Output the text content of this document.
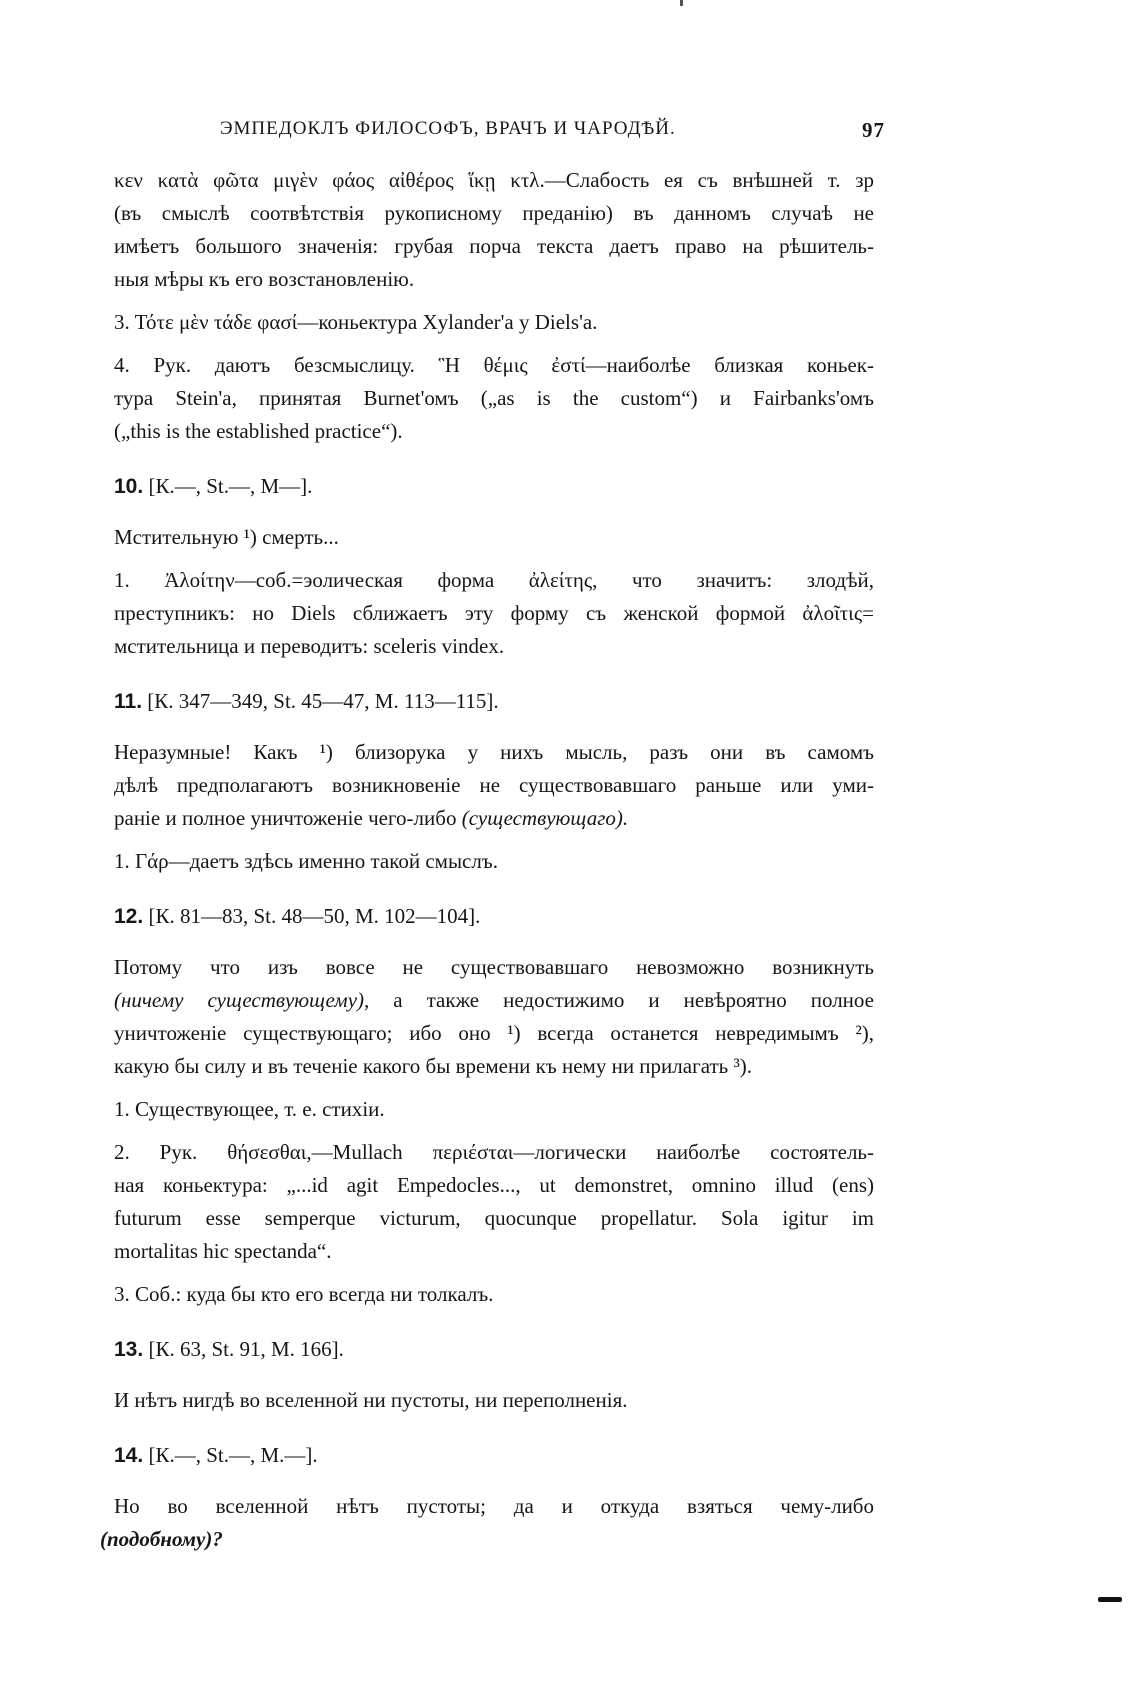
ЭМПЕДОКЛЪ ФИЛОСОФЪ, ВРАЧЪ И ЧАРОДѢЙ.	97
κεν κατὰ φῶτα μιγὲν φάος αἰθέρος ἵκῃ κτλ.—Слабость ея съ внѣшней т. зр
(въ смыслѣ соотвѣтствія рукописному преданію) въ данномъ случаѣ не
имѣетъ большого значенія: грубая порча текста даетъ право на рѣшитель-
ныя мѣры къ его возстановленію.
3. Τότε μὲν τάδε φασί—коньектура Xylander'a у Diels'a.
4. Рук. даютъ безсмыслицу. Ἣ θέμις ἐστί—наиболѣе близкая коньек-
тура Stein'a, принятая Burnet'омъ („as is the custom“) и Fairbanks'омъ
(„this is the established practice“).
10. [К.—, St.—, М—].
Мстительную ¹) смерть...
1. Ἀλοίτην—соб.=эолическая форма ἀλείτης, что значитъ: злодѣй,
преступникъ: но Diels сближаетъ эту форму съ женской формой ἀλοῖτις=
мстительница и переводитъ: sceleris vindex.
11. [К. 347—349, St. 45—47, М. 113—115].
Неразумные! Какъ ¹) близорука у нихъ мысль, разъ они въ самомъ
дѣлѣ предполагаютъ возникновеніе не существовавшаго раньше или уми-
раніе и полное уничтоженіе чего-либо (существующаго).
1. Γάρ—даетъ здѣсь именно такой смыслъ.
12. [К. 81—83, St. 48—50, М. 102—104].
Потому что изъ вовсе не существовавшаго невозможно возникнуть
(ничему существующему), а также недостижимо и невѣроятно полное
уничтоженіе существующаго; ибо оно ¹) всегда останется невредимымъ ²),
какую бы силу и въ теченіе какого бы времени къ нему ни прилагать ³).
1. Существующее, т. е. стихіи.
2. Рук. θήσεσθαι,—Mullach περιέσται—логически наиболѣе состоятель-
ная коньектура: „...id agit Empedocles..., ut demonstret, omnino illud (ens)
futurum esse semperque victurum, quocunque propellatur. Sola igitur im
mortalitas hic spectanda“.
3. Соб.: куда бы кто его всегда ни толкалъ.
13. [К. 63, St. 91, М. 166].
И нѣтъ нигдѣ во вселенной ни пустоты, ни переполненія.
14. [К.—, St.—, М.—].
Но во вселенной нѣтъ пустоты; да и откуда взяться чему-либо
(подобному)?
